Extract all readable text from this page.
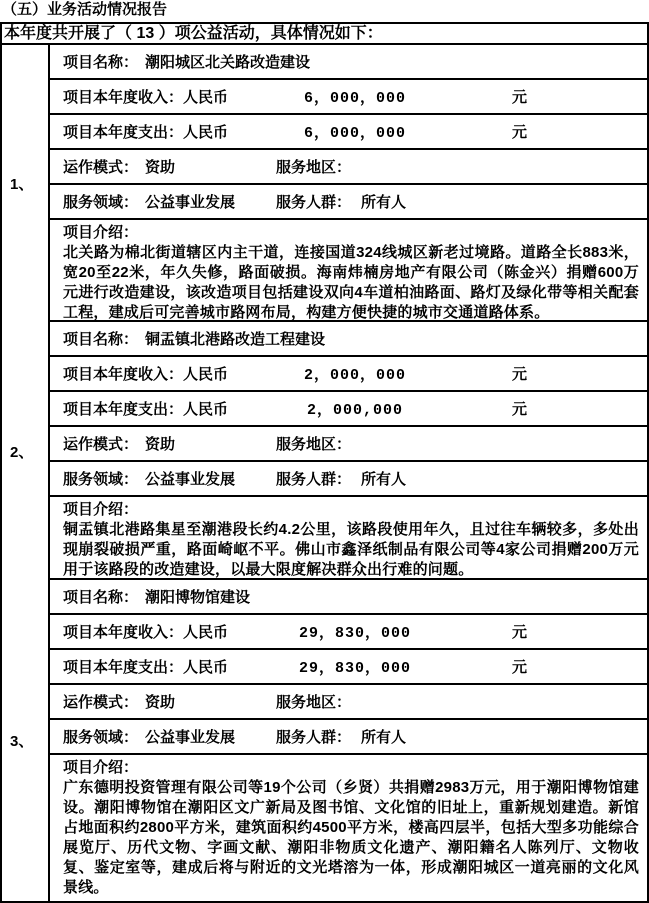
（五）业务活动情况报告
本年度共开展了（ 13 ）项公益活动，具体情况如下：
1、
项目名称： 潮阳城区北关路改造建设
项目本年度收入：人民币	6，000，000	元
项目本年度支出：人民币	6，000，000	元
运作模式： 资助	服务地区：
服务领域： 公益事业发展	服务人群： 所有人
项目介绍：
北关路为棉北街道辖区内主干道，连接国道324线城区新老过境路。道路全长883米，宽20至22米，年久失修，路面破损。海南炜楠房地产有限公司（陈金兴）捐赠600万元进行改造建设，该改造项目包括建设双向4车道柏油路面、路灯及绿化带等相关配套工程，建成后可完善城市路网布局，构建方便快捷的城市交通道路体系。
2、
项目名称： 铜盂镇北港路改造工程建设
项目本年度收入：人民币	2，000，000	元
项目本年度支出：人民币	2，000,000	元
运作模式： 资助	服务地区：
服务领域： 公益事业发展	服务人群： 所有人
项目介绍：
铜盂镇北港路集星至潮港段长约4.2公里，该路段使用年久，且过往车辆较多，多处出现崩裂破损严重，路面崎岖不平。佛山市鑫泽纸制品有限公司等4家公司捐赠200万元用于该路段的改造建设，以最大限度解决群众出行难的问题。
3、
项目名称： 潮阳博物馆建设
项目本年度收入：人民币	29，830，000	元
项目本年度支出：人民币	29，830，000	元
运作模式： 资助	服务地区：
服务领域： 公益事业发展	服务人群： 所有人
项目介绍：
广东德明投资管理有限公司等19个公司（乡贤）共捐赠2983万元，用于潮阳博物馆建设。潮阳博物馆在潮阳区文广新局及图书馆、文化馆的旧址上，重新规划建造。新馆占地面积约2800平方米，建筑面积约4500平方米，楼高四层半，包括大型多功能综合展览厅、历代文物、字画文献、潮阳非物质文化遗产、潮阳籍名人陈列厅、文物收复、鉴定室等，建成后将与附近的文光塔溶为一体，形成潮阳城区一道亮丽的文化风景线。
